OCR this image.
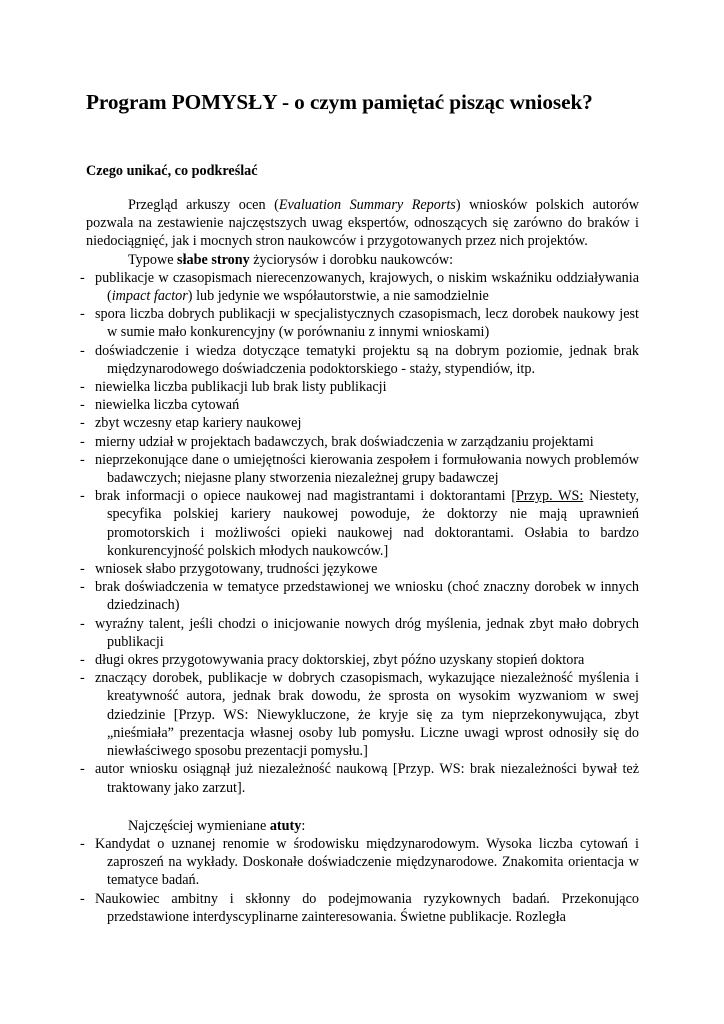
Program POMYSŁY - o czym pamiętać pisząc wniosek?
Czego unikać, co podkreślać

Przegląd arkuszy ocen (Evaluation Summary Reports) wniosków polskich autorów pozwala na zestawienie najczęstszych uwag ekspertów, odnoszących się zarówno do braków i niedociągnięć, jak i mocnych stron naukowców i przygotowanych przez nich projektów.

Typowe słabe strony życiorysów i dorobku naukowców:

- publikacje w czasopismach nierecenzowanych, krajowych, o niskim wskaźniku oddziaływania (impact factor) lub jedynie we współautorstwie, a nie samodzielnie
- spora liczba dobrych publikacji w specjalistycznych czasopismach, lecz dorobek naukowy jest w sumie mało konkurencyjny (w porównaniu z innymi wnioskami)
- doświadczenie i wiedza dotyczące tematyki projektu są na dobrym poziomie, jednak brak międzynarodowego doświadczenia podoktorskiego - staży, stypendiów, itp.
- niewielka liczba publikacji lub brak listy publikacji
- niewielka liczba cytowań
- zbyt wczesny etap kariery naukowej
- mierny udział w projektach badawczych, brak doświadczenia w zarządzaniu projektami
- nieprzekonujące dane o umiejętności kierowania zespołem i formułowania nowych problemów badawczych; niejasne plany stworzenia niezależnej grupy badawczej
- brak informacji o opiece naukowej nad magistrantami i doktorantami [Przyp. WS: Niestety, specyfika polskiej kariery naukowej powoduje, że doktorzy nie mają uprawnień promotorskich i możliwości opieki naukowej nad doktorantami. Osłabia to bardzo konkurencyjność polskich młodych naukowców.]
- wniosek słabo przygotowany, trudności językowe
- brak doświadczenia w tematyce przedstawionej we wniosku (choć znaczny dorobek w innych dziedzinach)
- wyraźny talent, jeśli chodzi o inicjowanie nowych dróg myślenia, jednak zbyt mało dobrych publikacji
- długi okres przygotowywania pracy doktorskiej, zbyt późno uzyskany stopień doktora
- znaczący dorobek, publikacje w dobrych czasopismach, wykazujące niezależność myślenia i kreatywność autora, jednak brak dowodu, że sprosta on wysokim wyzwaniom w swej dziedzinie [Przyp. WS: Niewykluczone, że kryje się za tym nieprzekonywująca, zbyt „nieśmiała” prezentacja własnej osoby lub pomysłu. Liczne uwagi wprost odnosiły się do niewłaściwego sposobu prezentacji pomysłu.]
- autor wniosku osiągnął już niezależność naukową [Przyp. WS: brak niezależności bywał też traktowany jako zarzut].

Najczęściej wymieniane atuty:

- Kandydat o uznanej renomie w środowisku międzynarodowym. Wysoka liczba cytowań i zaproszeń na wykłady. Doskonałe doświadczenie międzynarodowe. Znakomita orientacja w tematyce badań.
- Naukowiec ambitny i skłonny do podejmowania ryzykownych badań. Przekonująco przedstawione interdyscyplinarne zainteresowania. Świetne publikacje. Rozległa
